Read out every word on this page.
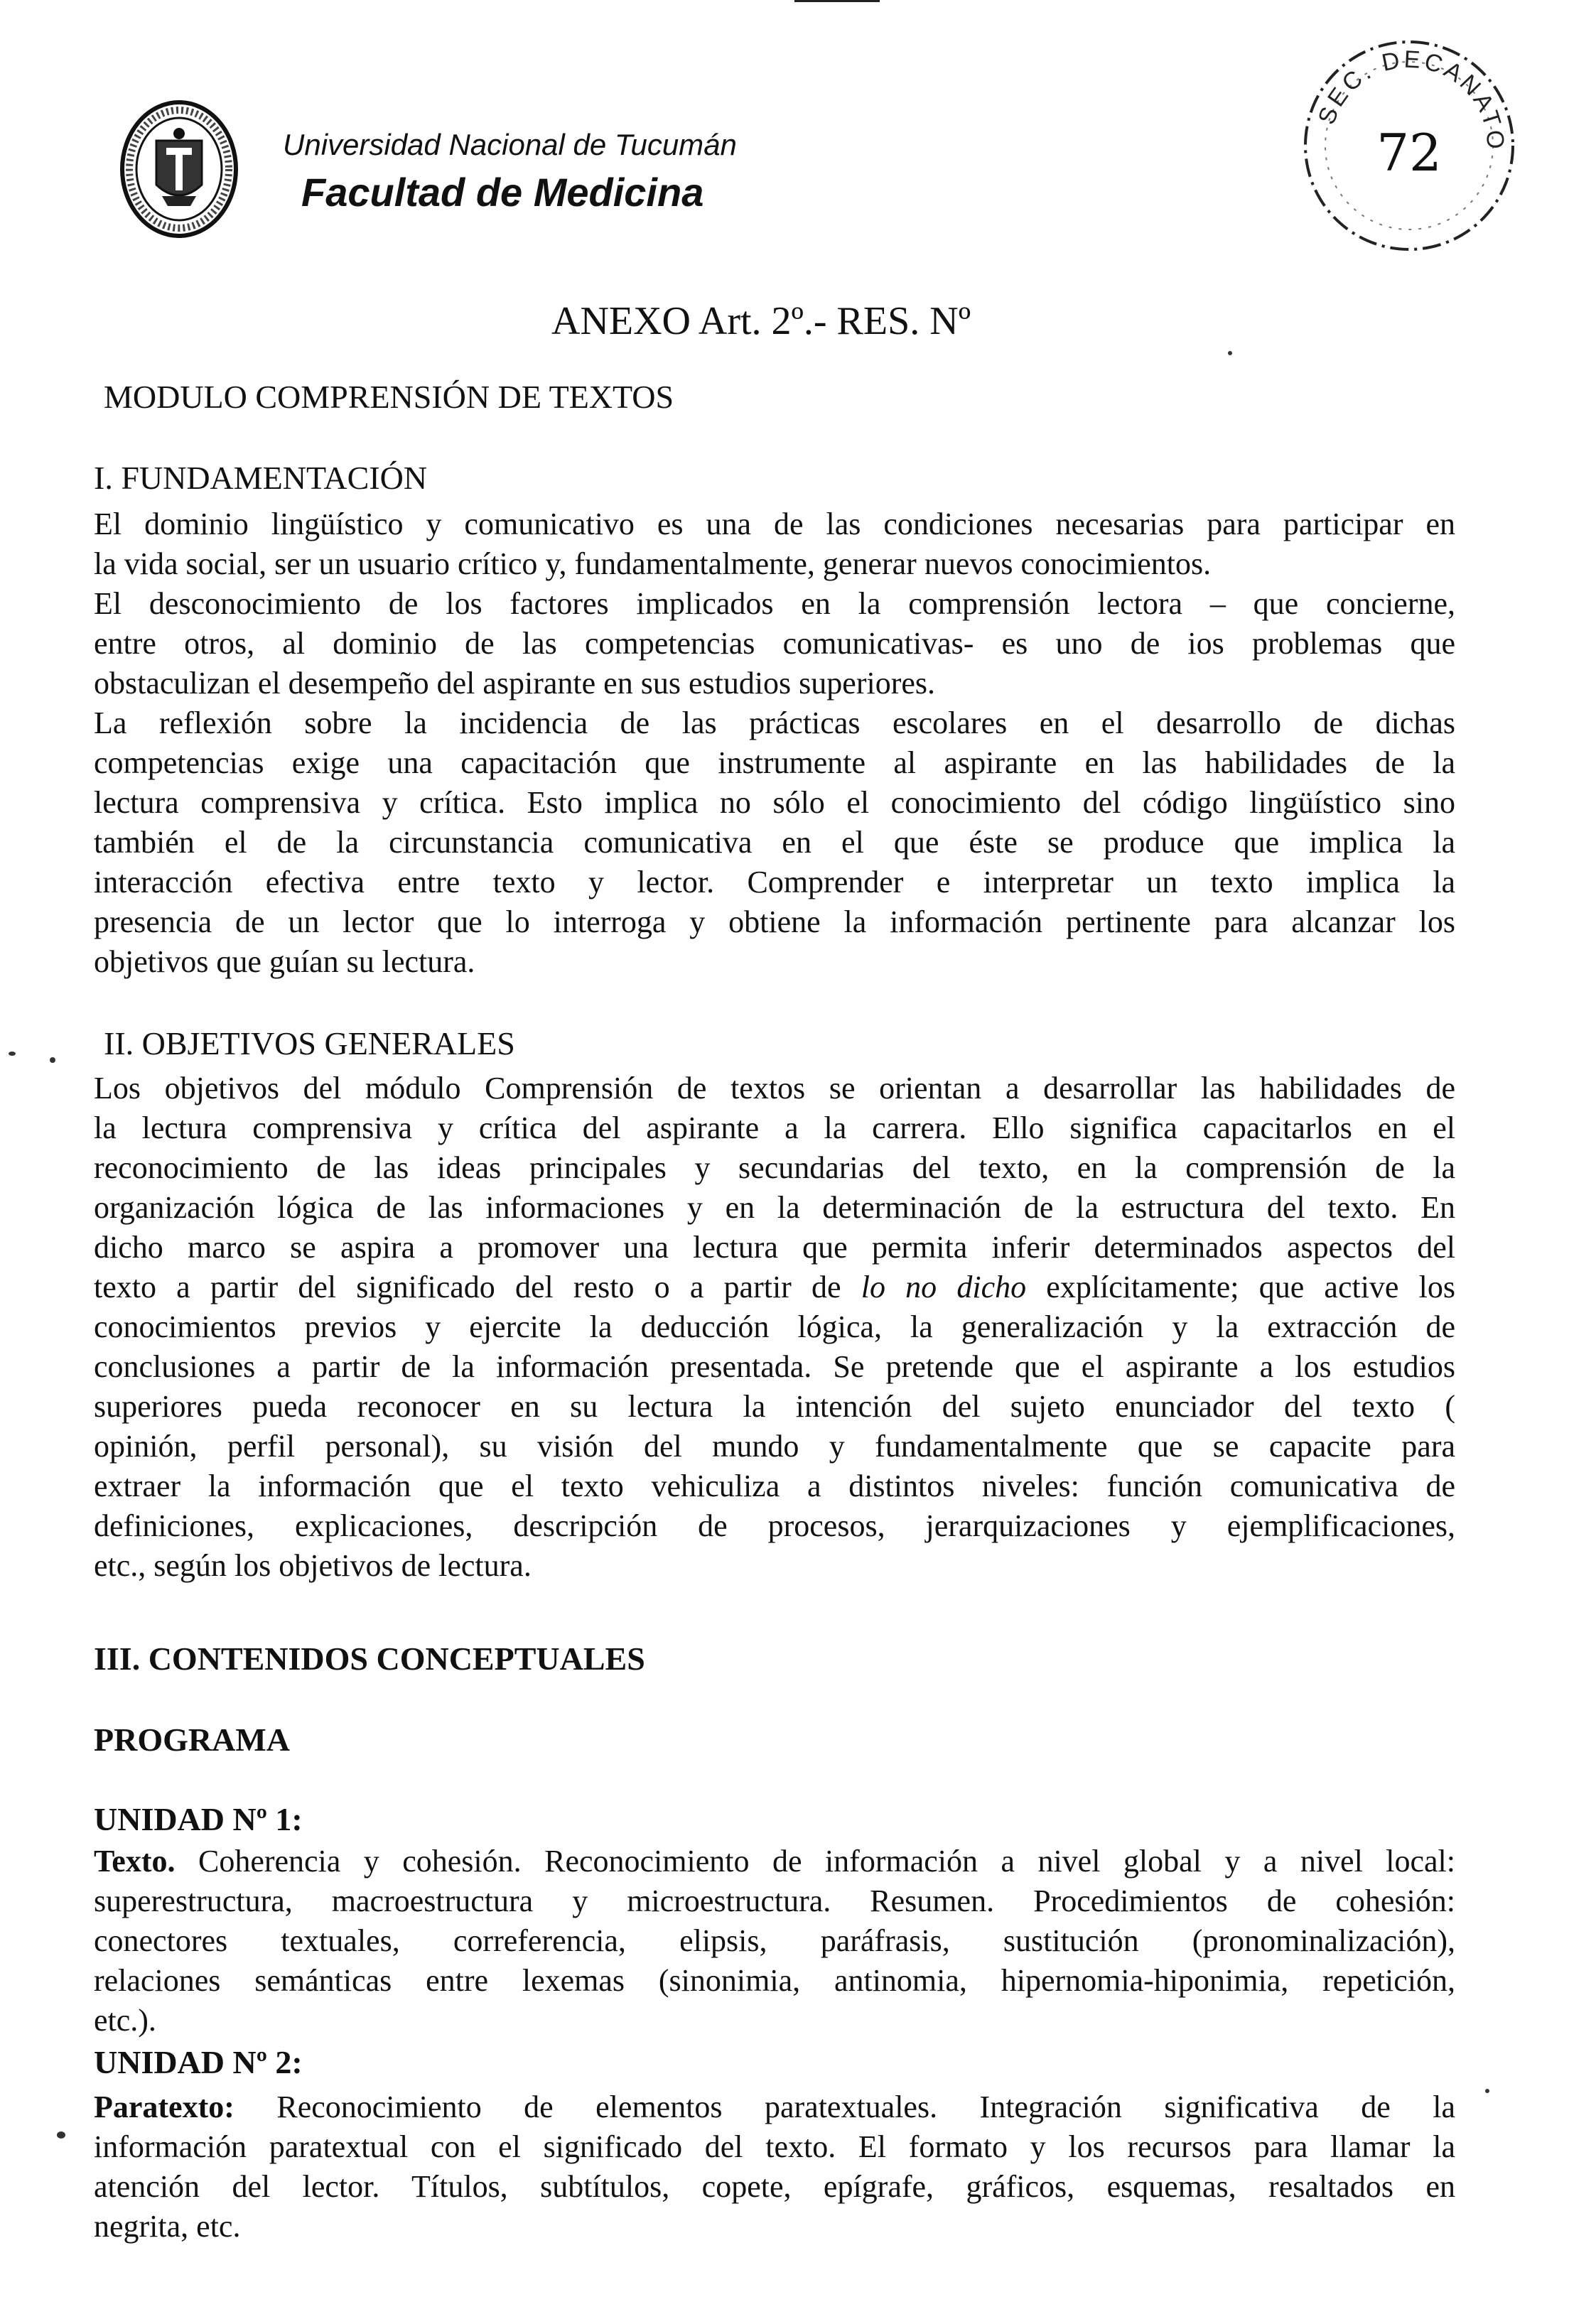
Universidad Nacional de Tucumán
Facultad de Medicina
SEC. DECANATO
72
ANEXO Art. 2º.- RES. Nº
MODULO COMPRENSIÓN DE TEXTOS
I. FUNDAMENTACIÓN
El dominio lingüístico y comunicativo es una de las condiciones necesarias para participar en
la vida social, ser un usuario crítico y, fundamentalmente, generar nuevos conocimientos.
El desconocimiento de los factores implicados en la comprensión lectora – que concierne,
entre otros, al dominio de las competencias comunicativas- es uno de ios problemas que
obstaculizan el desempeño del aspirante en sus estudios superiores.
La reflexión sobre la incidencia de las prácticas escolares en el desarrollo de dichas
competencias exige una capacitación que instrumente al aspirante en las habilidades de la
lectura comprensiva y crítica. Esto implica no sólo el conocimiento del código lingüístico sino
también el de la circunstancia comunicativa en el que éste se produce que implica la
interacción efectiva entre texto y lector. Comprender e interpretar un texto implica la
presencia de un lector que lo interroga y obtiene la información pertinente para alcanzar los
objetivos que guían su lectura.
II. OBJETIVOS GENERALES
Los objetivos del módulo Comprensión de textos se orientan a desarrollar las habilidades de
la lectura comprensiva y crítica del aspirante a la carrera. Ello significa capacitarlos en el
reconocimiento de las ideas principales y secundarias del texto, en la comprensión de la
organización lógica de las informaciones y en la determinación de la estructura del texto. En
dicho marco se aspira a promover una lectura que permita inferir determinados aspectos del
texto a partir del significado del resto o a partir de lo no dicho explícitamente; que active los
conocimientos previos y ejercite la deducción lógica, la generalización y la extracción de
conclusiones a partir de la información presentada. Se pretende que el aspirante a los estudios
superiores pueda reconocer en su lectura la intención del sujeto enunciador del texto (
opinión, perfil personal), su visión del mundo y fundamentalmente que se capacite para
extraer la información que el texto vehiculiza a distintos niveles: función comunicativa de
definiciones, explicaciones, descripción de procesos, jerarquizaciones y ejemplificaciones,
etc., según los objetivos de lectura.
III. CONTENIDOS CONCEPTUALES
PROGRAMA
UNIDAD Nº 1:
Texto. Coherencia y cohesión. Reconocimiento de información a nivel global y a nivel local:
superestructura, macroestructura y microestructura. Resumen. Procedimientos de cohesión:
conectores textuales, correferencia, elipsis, paráfrasis, sustitución (pronominalización),
relaciones semánticas entre lexemas (sinonimia, antinomia, hipernomia-hiponimia, repetición,
etc.).
UNIDAD Nº 2:
Paratexto: Reconocimiento de elementos paratextuales. Integración significativa de la
información paratextual con el significado del texto. El formato y los recursos para llamar la
atención del lector. Títulos, subtítulos, copete, epígrafe, gráficos, esquemas, resaltados en
negrita, etc.
